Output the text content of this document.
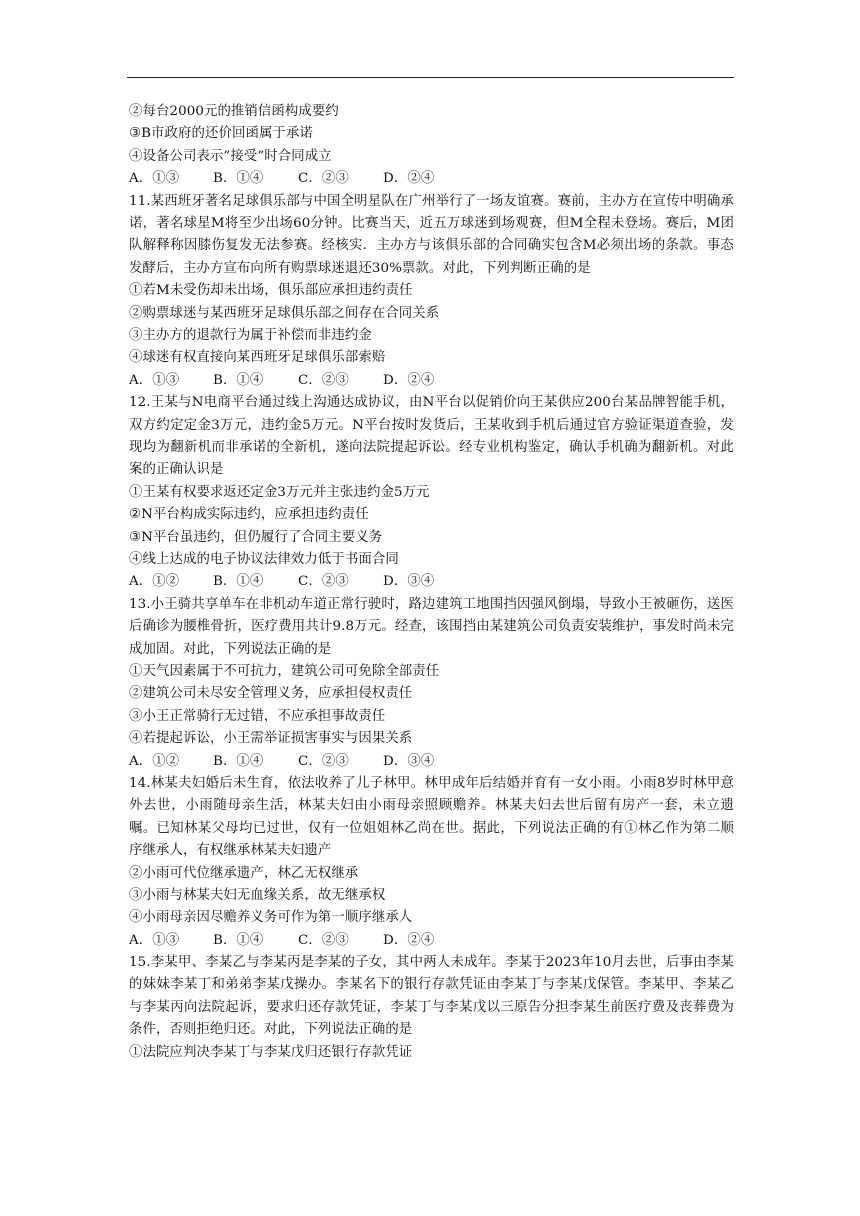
②每台2000元的推销信函构成要约
③B市政府的还价回函属于承诺
④设备公司表示”接受”时合同成立
A．①③	B．①④	C．②③	D．②④
11.某西班牙著名足球俱乐部与中国全明星队在广州举行了一场友谊赛。赛前，主办方在宣传中明确承诺，著名球星M将至少出场60分钟。比赛当天，近五万球迷到场观赛，但M全程未登场。赛后，M团队解释称因膝伤复发无法参赛。经核实．主办方与该俱乐部的合同确实包含M必须出场的条款。事态发酵后，主办方宣布向所有购票球迷退还30%票款。对此，下列判断正确的是
①若M未受伤却未出场，俱乐部应承担违约责任
②购票球迷与某西班牙足球俱乐部之间存在合同关系
③主办方的退款行为属于补偿而非违约金
④球迷有权直接向某西班牙足球俱乐部索赔
A．①③	B．①④	C．②③	D．②④
12.王某与N电商平台通过线上沟通达成协议，由N平台以促销价向王某供应200台某品牌智能手机，双方约定定金3万元，违约金5万元。N平台按时发货后，王某收到手机后通过官方验证渠道查验，发现均为翻新机而非承诺的全新机，遂向法院提起诉讼。经专业机构鉴定，确认手机确为翻新机。对此案的正确认识是
①王某有权要求返还定金3万元并主张违约金5万元
②N平台构成实际违约，应承担违约责任
③N平台虽违约，但仍履行了合同主要义务
④线上达成的电子协议法律效力低于书面合同
A．①②	B．①④	C．②③	D．③④
13.小王骑共享单车在非机动车道正常行驶时，路边建筑工地围挡因强风倒塌，导致小王被砸伤，送医后确诊为腰椎骨折，医疗费用共计9.8万元。经查，该围挡由某建筑公司负责安装维护，事发时尚未完成加固。对此，下列说法正确的是
①天气因素属于不可抗力，建筑公司可免除全部责任
②建筑公司未尽安全管理义务，应承担侵权责任
③小王正常骑行无过错，不应承担事故责任
④若提起诉讼，小王需举证损害事实与因果关系
A．①②	B．①④	C．②③	D．③④
14.林某夫妇婚后未生育，依法收养了儿子林甲。林甲成年后结婚并育有一女小雨。小雨8岁时林甲意外去世，小雨随母亲生活，林某夫妇由小雨母亲照顾赡养。林某夫妇去世后留有房产一套，未立遗嘱。已知林某父母均已过世，仅有一位姐姐林乙尚在世。据此，下列说法正确的有①林乙作为第二顺序继承人，有权继承林某夫妇遗产
②小雨可代位继承遗产，林乙无权继承
③小雨与林某夫妇无血缘关系，故无继承权
④小雨母亲因尽赡养义务可作为第一顺序继承人
A．①③	B．①④	C．②③	D．②④
15.李某甲、李某乙与李某丙是李某的子女，其中两人未成年。李某于2023年10月去世，后事由李某的妹妹李某丁和弟弟李某戊操办。李某名下的银行存款凭证由李某丁与李某戊保管。李某甲、李某乙与李某丙向法院起诉，要求归还存款凭证，李某丁与李某戊以三原告分担李某生前医疗费及丧葬费为条件，否则拒绝归还。对此，下列说法正确的是
①法院应判决李某丁与李某戊归还银行存款凭证
